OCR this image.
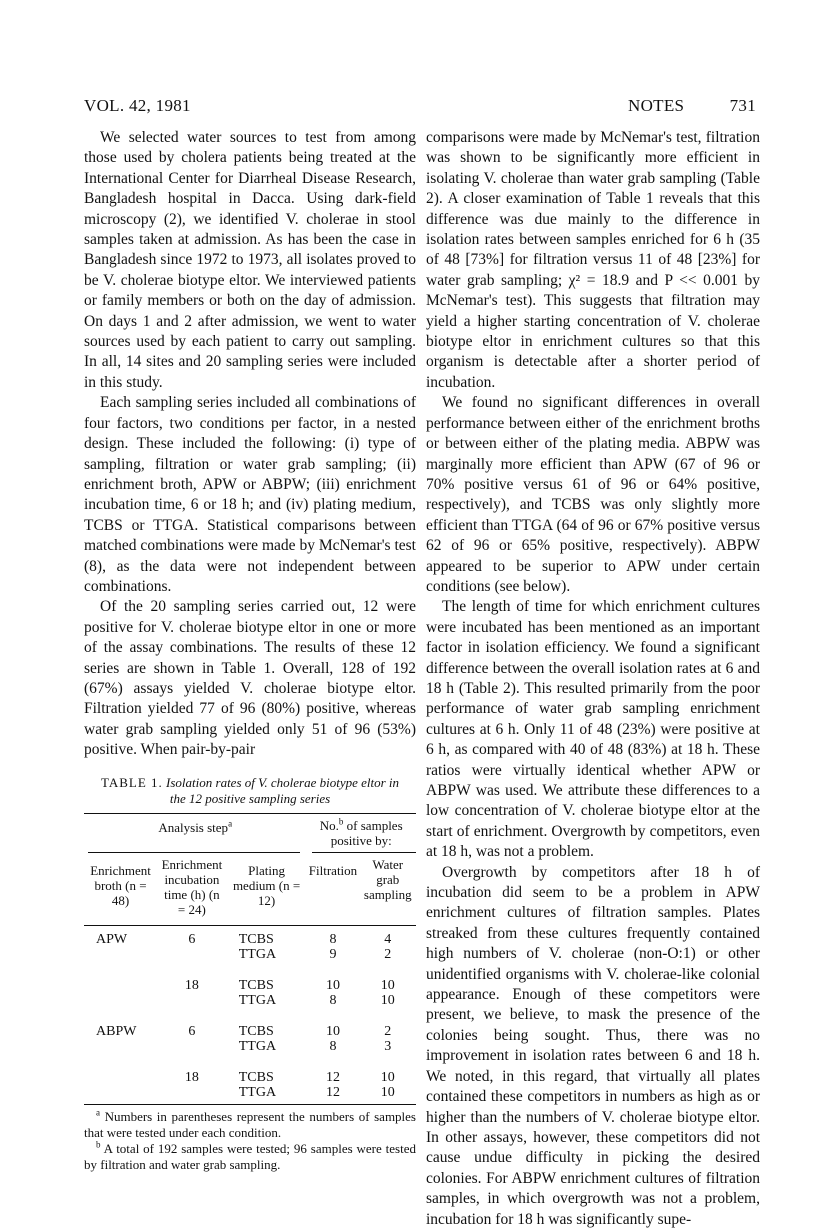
VOL. 42, 1981	NOTES	731

We selected water sources to test from among those used by cholera patients being treated at the International Center for Diarrheal Disease Research, Bangladesh hospital in Dacca. Using dark-field microscopy (2), we identified V. cholerae in stool samples taken at admission. As has been the case in Bangladesh since 1972 to 1973, all isolates proved to be V. cholerae biotype eltor. We interviewed patients or family members or both on the day of admission. On days 1 and 2 after admission, we went to water sources used by each patient to carry out sampling. In all, 14 sites and 20 sampling series were included in this study.

Each sampling series included all combinations of four factors, two conditions per factor, in a nested design. These included the following: (i) type of sampling, filtration or water grab sampling; (ii) enrichment broth, APW or ABPW; (iii) enrichment incubation time, 6 or 18 h; and (iv) plating medium, TCBS or TTGA. Statistical comparisons between matched combinations were made by McNemar's test (8), as the data were not independent between combinations.

Of the 20 sampling series carried out, 12 were positive for V. cholerae biotype eltor in one or more of the assay combinations. The results of these 12 series are shown in Table 1. Overall, 128 of 192 (67%) assays yielded V. cholerae biotype eltor. Filtration yielded 77 of 96 (80%) positive, whereas water grab sampling yielded only 51 of 96 (53%) positive. When pair-by-pair

TABLE 1. Isolation rates of V. cholerae biotype eltor in the 12 positive sampling series
Analysis step$^a$			No.$^b$ of samples positive by:	

Enrichment broth (n = 48)	Enrichment incubation time (h) (n = 24)	Plating medium (n = 12)	Filtration	Water grab sampling
APW	6	TCBS	8	4
		TTGA	9	2
	18	TCBS	10	10
		TTGA	8	10
ABPW	6	TCBS	10	2
		TTGA	8	3
	18	TCBS	12	10
		TTGA	12	10

$^a$ Numbers in parentheses represent the numbers of samples that were tested under each condition.

$^b$ A total of 192 samples were tested; 96 samples were tested by filtration and water grab sampling.

comparisons were made by McNemar's test, filtration was shown to be significantly more efficient in isolating V. cholerae than water grab sampling (Table 2). A closer examination of Table 1 reveals that this difference was due mainly to the difference in isolation rates between samples enriched for 6 h (35 of 48 [73%] for filtration versus 11 of 48 [23%] for water grab sampling; χ² = 18.9 and P << 0.001 by McNemar's test). This suggests that filtration may yield a higher starting concentration of V. cholerae biotype eltor in enrichment cultures so that this organism is detectable after a shorter period of incubation.

We found no significant differences in overall performance between either of the enrichment broths or between either of the plating media. ABPW was marginally more efficient than APW (67 of 96 or 70% positive versus 61 of 96 or 64% positive, respectively), and TCBS was only slightly more efficient than TTGA (64 of 96 or 67% positive versus 62 of 96 or 65% positive, respectively). ABPW appeared to be superior to APW under certain conditions (see below).

The length of time for which enrichment cultures were incubated has been mentioned as an important factor in isolation efficiency. We found a significant difference between the overall isolation rates at 6 and 18 h (Table 2). This resulted primarily from the poor performance of water grab sampling enrichment cultures at 6 h. Only 11 of 48 (23%) were positive at 6 h, as compared with 40 of 48 (83%) at 18 h. These ratios were virtually identical whether APW or ABPW was used. We attribute these differences to a low concentration of V. cholerae biotype eltor at the start of enrichment. Overgrowth by competitors, even at 18 h, was not a problem.

Overgrowth by competitors after 18 h of incubation did seem to be a problem in APW enrichment cultures of filtration samples. Plates streaked from these cultures frequently contained high numbers of V. cholerae (non-O:1) or other unidentified organisms with V. cholerae-like colonial appearance. Enough of these competitors were present, we believe, to mask the presence of the colonies being sought. Thus, there was no improvement in isolation rates between 6 and 18 h. We noted, in this regard, that virtually all plates contained these competitors in numbers as high as or higher than the numbers of V. cholerae biotype eltor. In other assays, however, these competitors did not cause undue difficulty in picking the desired colonies. For ABPW enrichment cultures of filtration samples, in which overgrowth was not a problem, incubation for 18 h was significantly supe-
